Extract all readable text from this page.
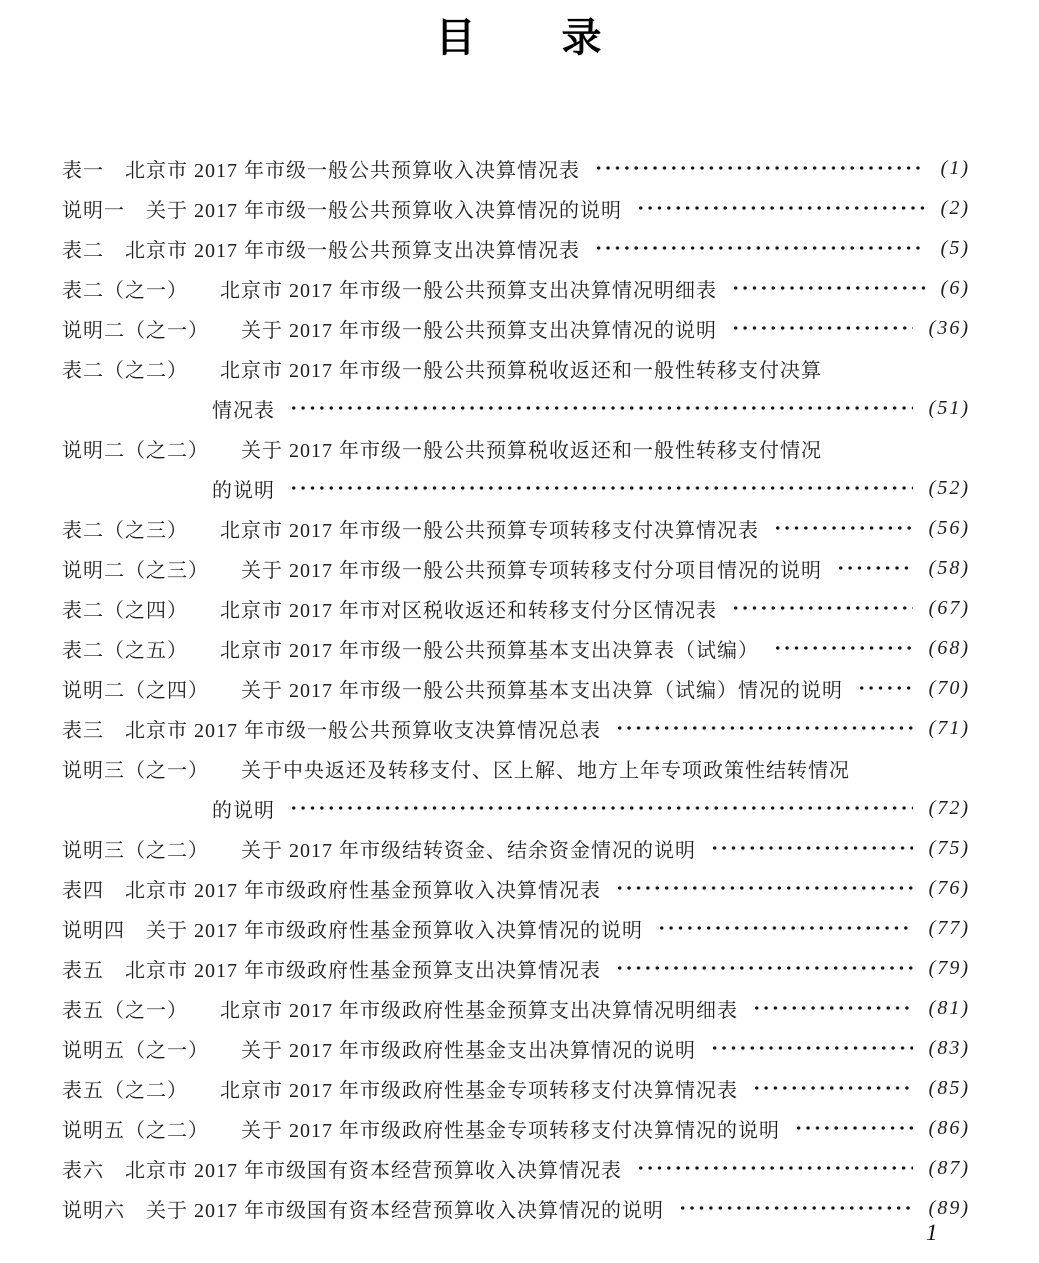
目　　录
表一　北京市 2017 年市级一般公共预算收入决算情况表	(1)
说明一　关于 2017 年市级一般公共预算收入决算情况的说明	(2)
表二　北京市 2017 年市级一般公共预算支出决算情况表	(5)
表二（之一）　　北京市 2017 年市级一般公共预算支出决算情况明细表	(6)
说明二（之一）　　关于 2017 年市级一般公共预算支出决算情况的说明	(36)
表二（之二）　　北京市 2017 年市级一般公共预算税收返还和一般性转移支付决算
情况表	(51)
说明二（之二）　　关于 2017 年市级一般公共预算税收返还和一般性转移支付情况
的说明	(52)
表二（之三）　　北京市 2017 年市级一般公共预算专项转移支付决算情况表	(56)
说明二（之三）　　关于 2017 年市级一般公共预算专项转移支付分项目情况的说明	(58)
表二（之四）　　北京市 2017 年市对区税收返还和转移支付分区情况表	(67)
表二（之五）　　北京市 2017 年市级一般公共预算基本支出决算表（试编）	(68)
说明二（之四）　　关于 2017 年市级一般公共预算基本支出决算（试编）情况的说明	(70)
表三　北京市 2017 年市级一般公共预算收支决算情况总表	(71)
说明三（之一）　　关于中央返还及转移支付、区上解、地方上年专项政策性结转情况
的说明	(72)
说明三（之二）　　关于 2017 年市级结转资金、结余资金情况的说明	(75)
表四　北京市 2017 年市级政府性基金预算收入决算情况表	(76)
说明四　关于 2017 年市级政府性基金预算收入决算情况的说明	(77)
表五　北京市 2017 年市级政府性基金预算支出决算情况表	(79)
表五（之一）　　北京市 2017 年市级政府性基金预算支出决算情况明细表	(81)
说明五（之一）　　关于 2017 年市级政府性基金支出决算情况的说明	(83)
表五（之二）　　北京市 2017 年市级政府性基金专项转移支付决算情况表	(85)
说明五（之二）　　关于 2017 年市级政府性基金专项转移支付决算情况的说明	(86)
表六　北京市 2017 年市级国有资本经营预算收入决算情况表	(87)
说明六　关于 2017 年市级国有资本经营预算收入决算情况的说明	(89)
1
